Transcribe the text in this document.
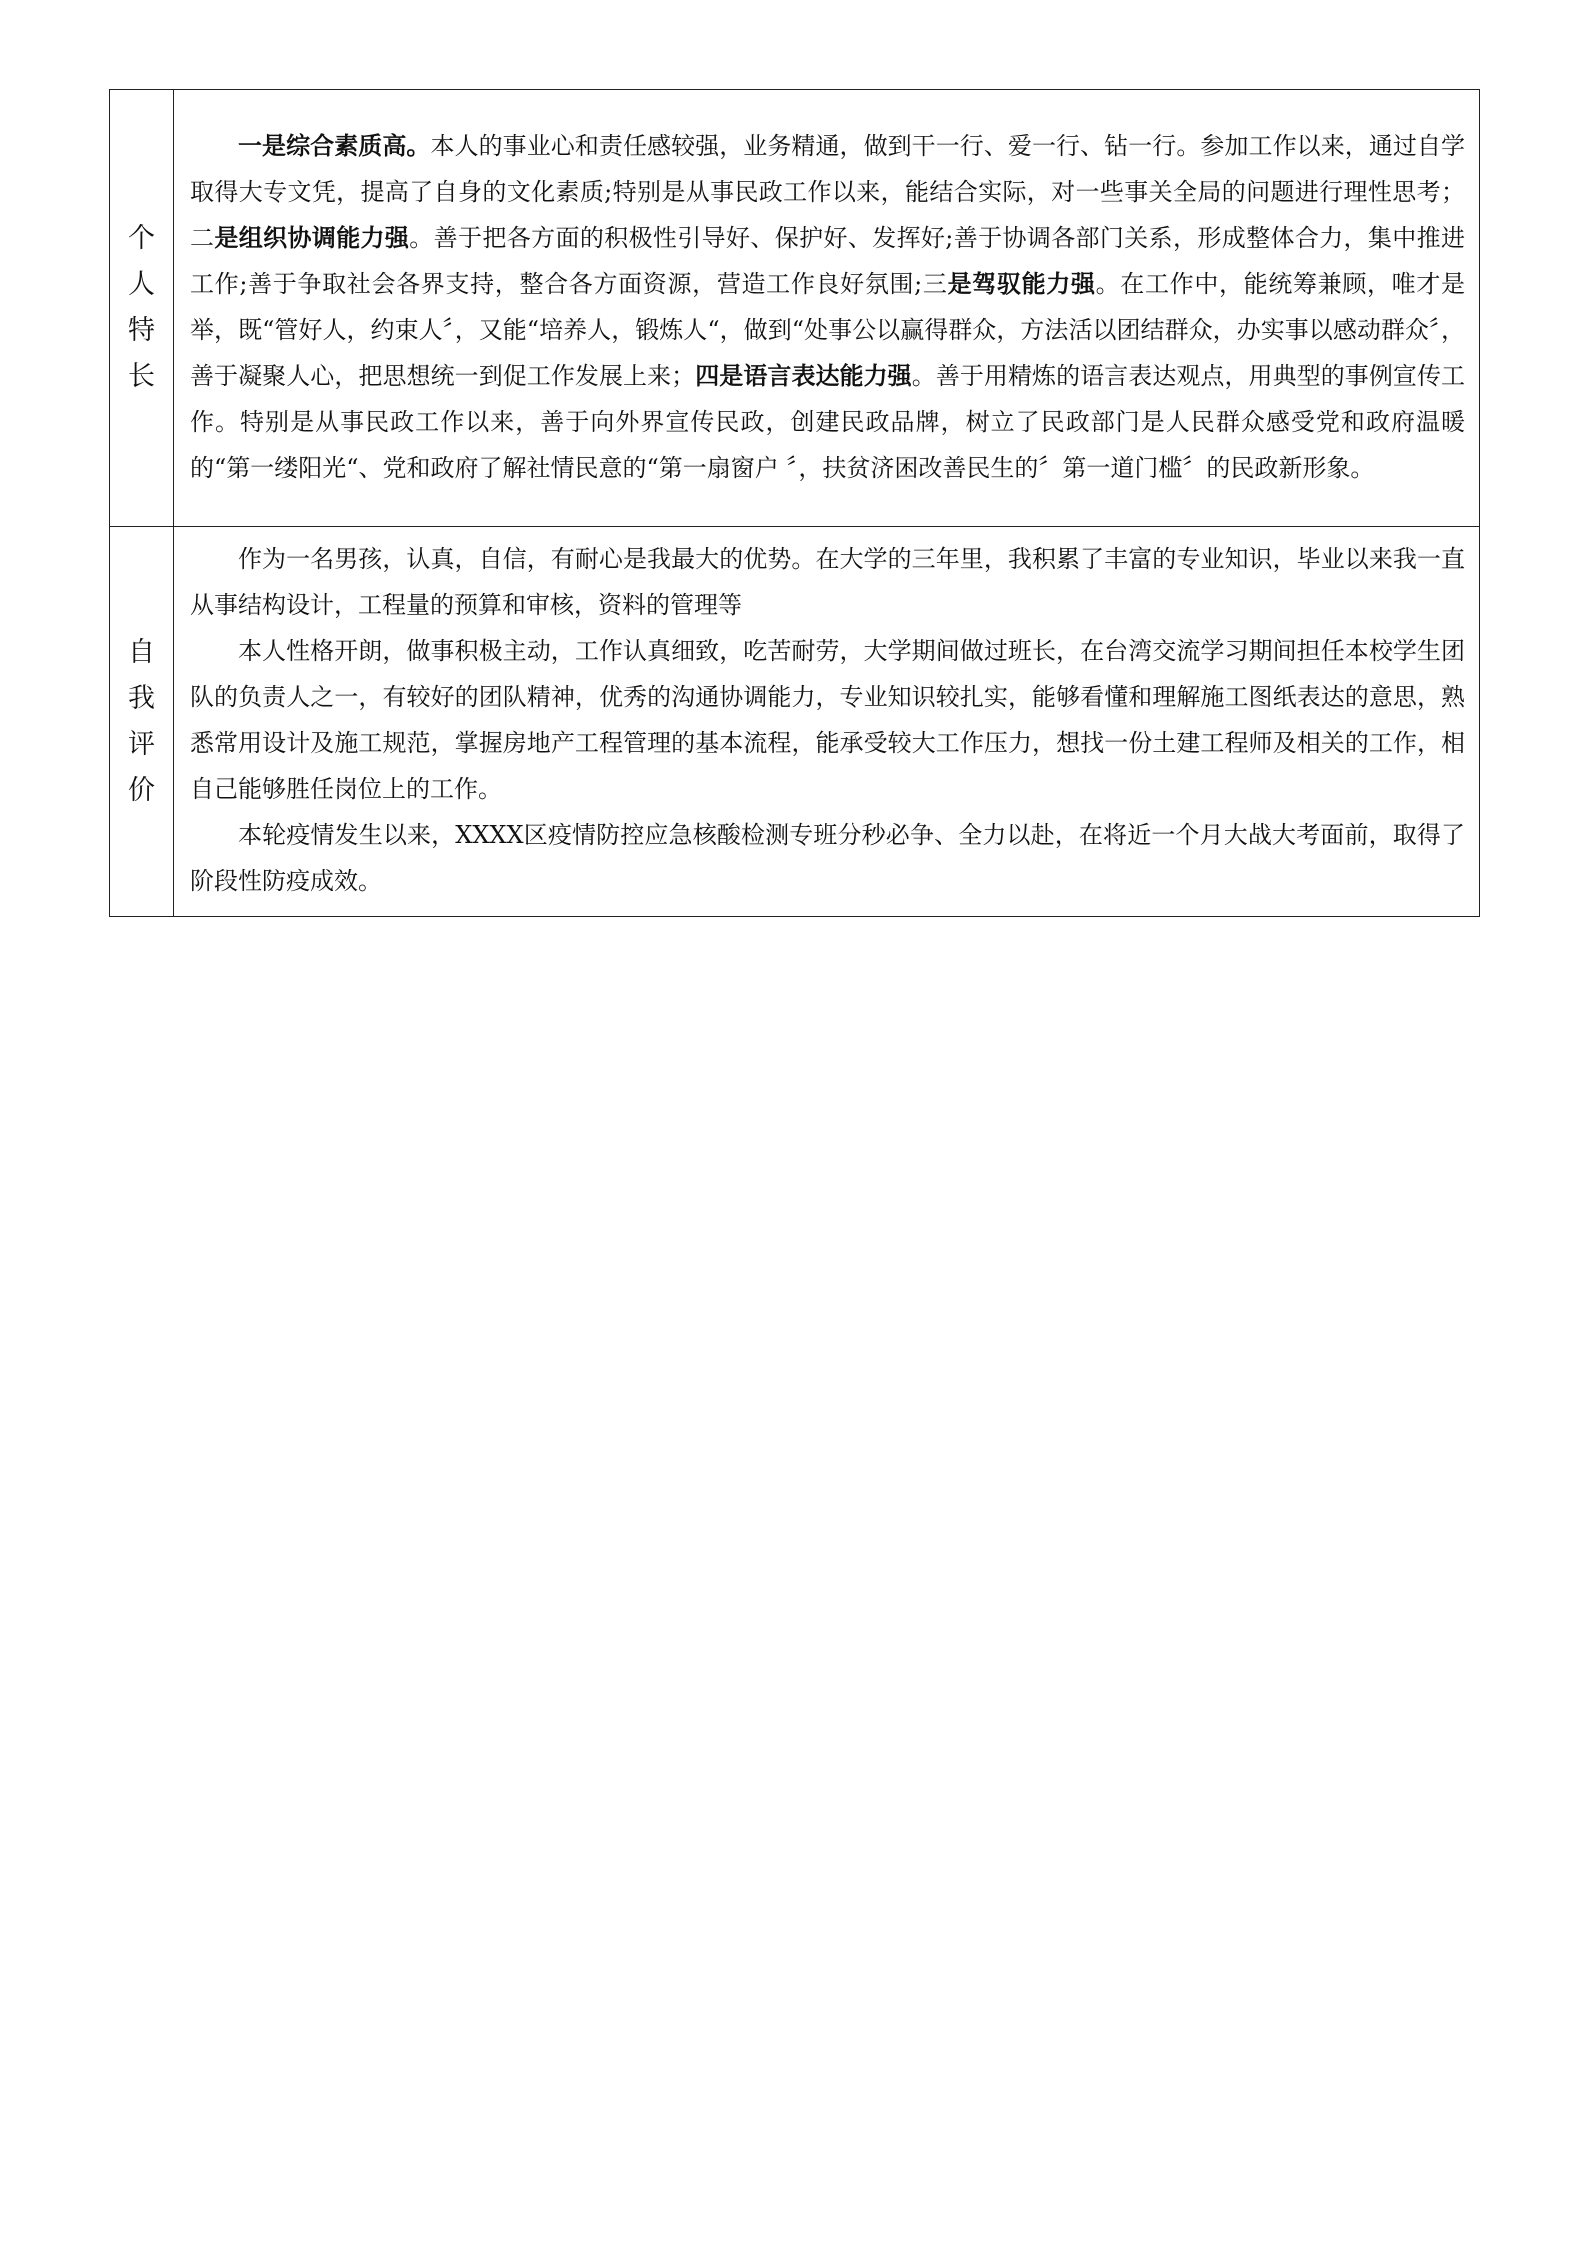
个人特长	一是综合素质高。本人的事业心和责任感较强，业务精通，做到干一行、爱一行、钻一行。参加工作以来，通过自学取得大专文凭，提高了自身的文化素质;特别是从事民政工作以来，能结合实际，对一些事关全局的问题进行理性思考；二是组织协调能力强。善于把各方面的积极性引导好、保护好、发挥好;善于协调各部门关系，形成整体合力，集中推进工作;善于争取社会各界支持，整合各方面资源，营造工作良好氛围;三是驾驭能力强。在工作中，能统筹兼顾，唯才是举，既“管好人，约束人〞，又能“培养人，锻炼人“，做到“处事公以赢得群众，方法活以团结群众，办实事以感动群众〞，善于凝聚人心，把思想统一到促工作发展上来；四是语言表达能力强。善于用精炼的语言表达观点，用典型的事例宣传工作。特别是从事民政工作以来，善于向外界宣传民政，创建民政品牌，树立了民政部门是人民群众感受党和政府温暖的“第一缕阳光“、党和政府了解社情民意的“第一扇窗户 〞，扶贫济困改善民生的〞第一道门槛〞的民政新形象。

自我评价	作为一名男孩，认真，自信，有耐心是我最大的优势。在大学的三年里，我积累了丰富的专业知识，毕业以来我一直从事结构设计，工程量的预算和审核，资料的管理等

本人性格开朗，做事积极主动，工作认真细致，吃苦耐劳，大学期间做过班长，在台湾交流学习期间担任本校学生团队的负责人之一，有较好的团队精神，优秀的沟通协调能力，专业知识较扎实，能够看懂和理解施工图纸表达的意思，熟悉常用设计及施工规范，掌握房地产工程管理的基本流程，能承受较大工作压力，想找一份土建工程师及相关的工作，相自己能够胜任岗位上的工作。

本轮疫情发生以来，XXXX区疫情防控应急核酸检测专班分秒必争、全力以赴，在将近一个月大战大考面前，取得了阶段性防疫成效。
